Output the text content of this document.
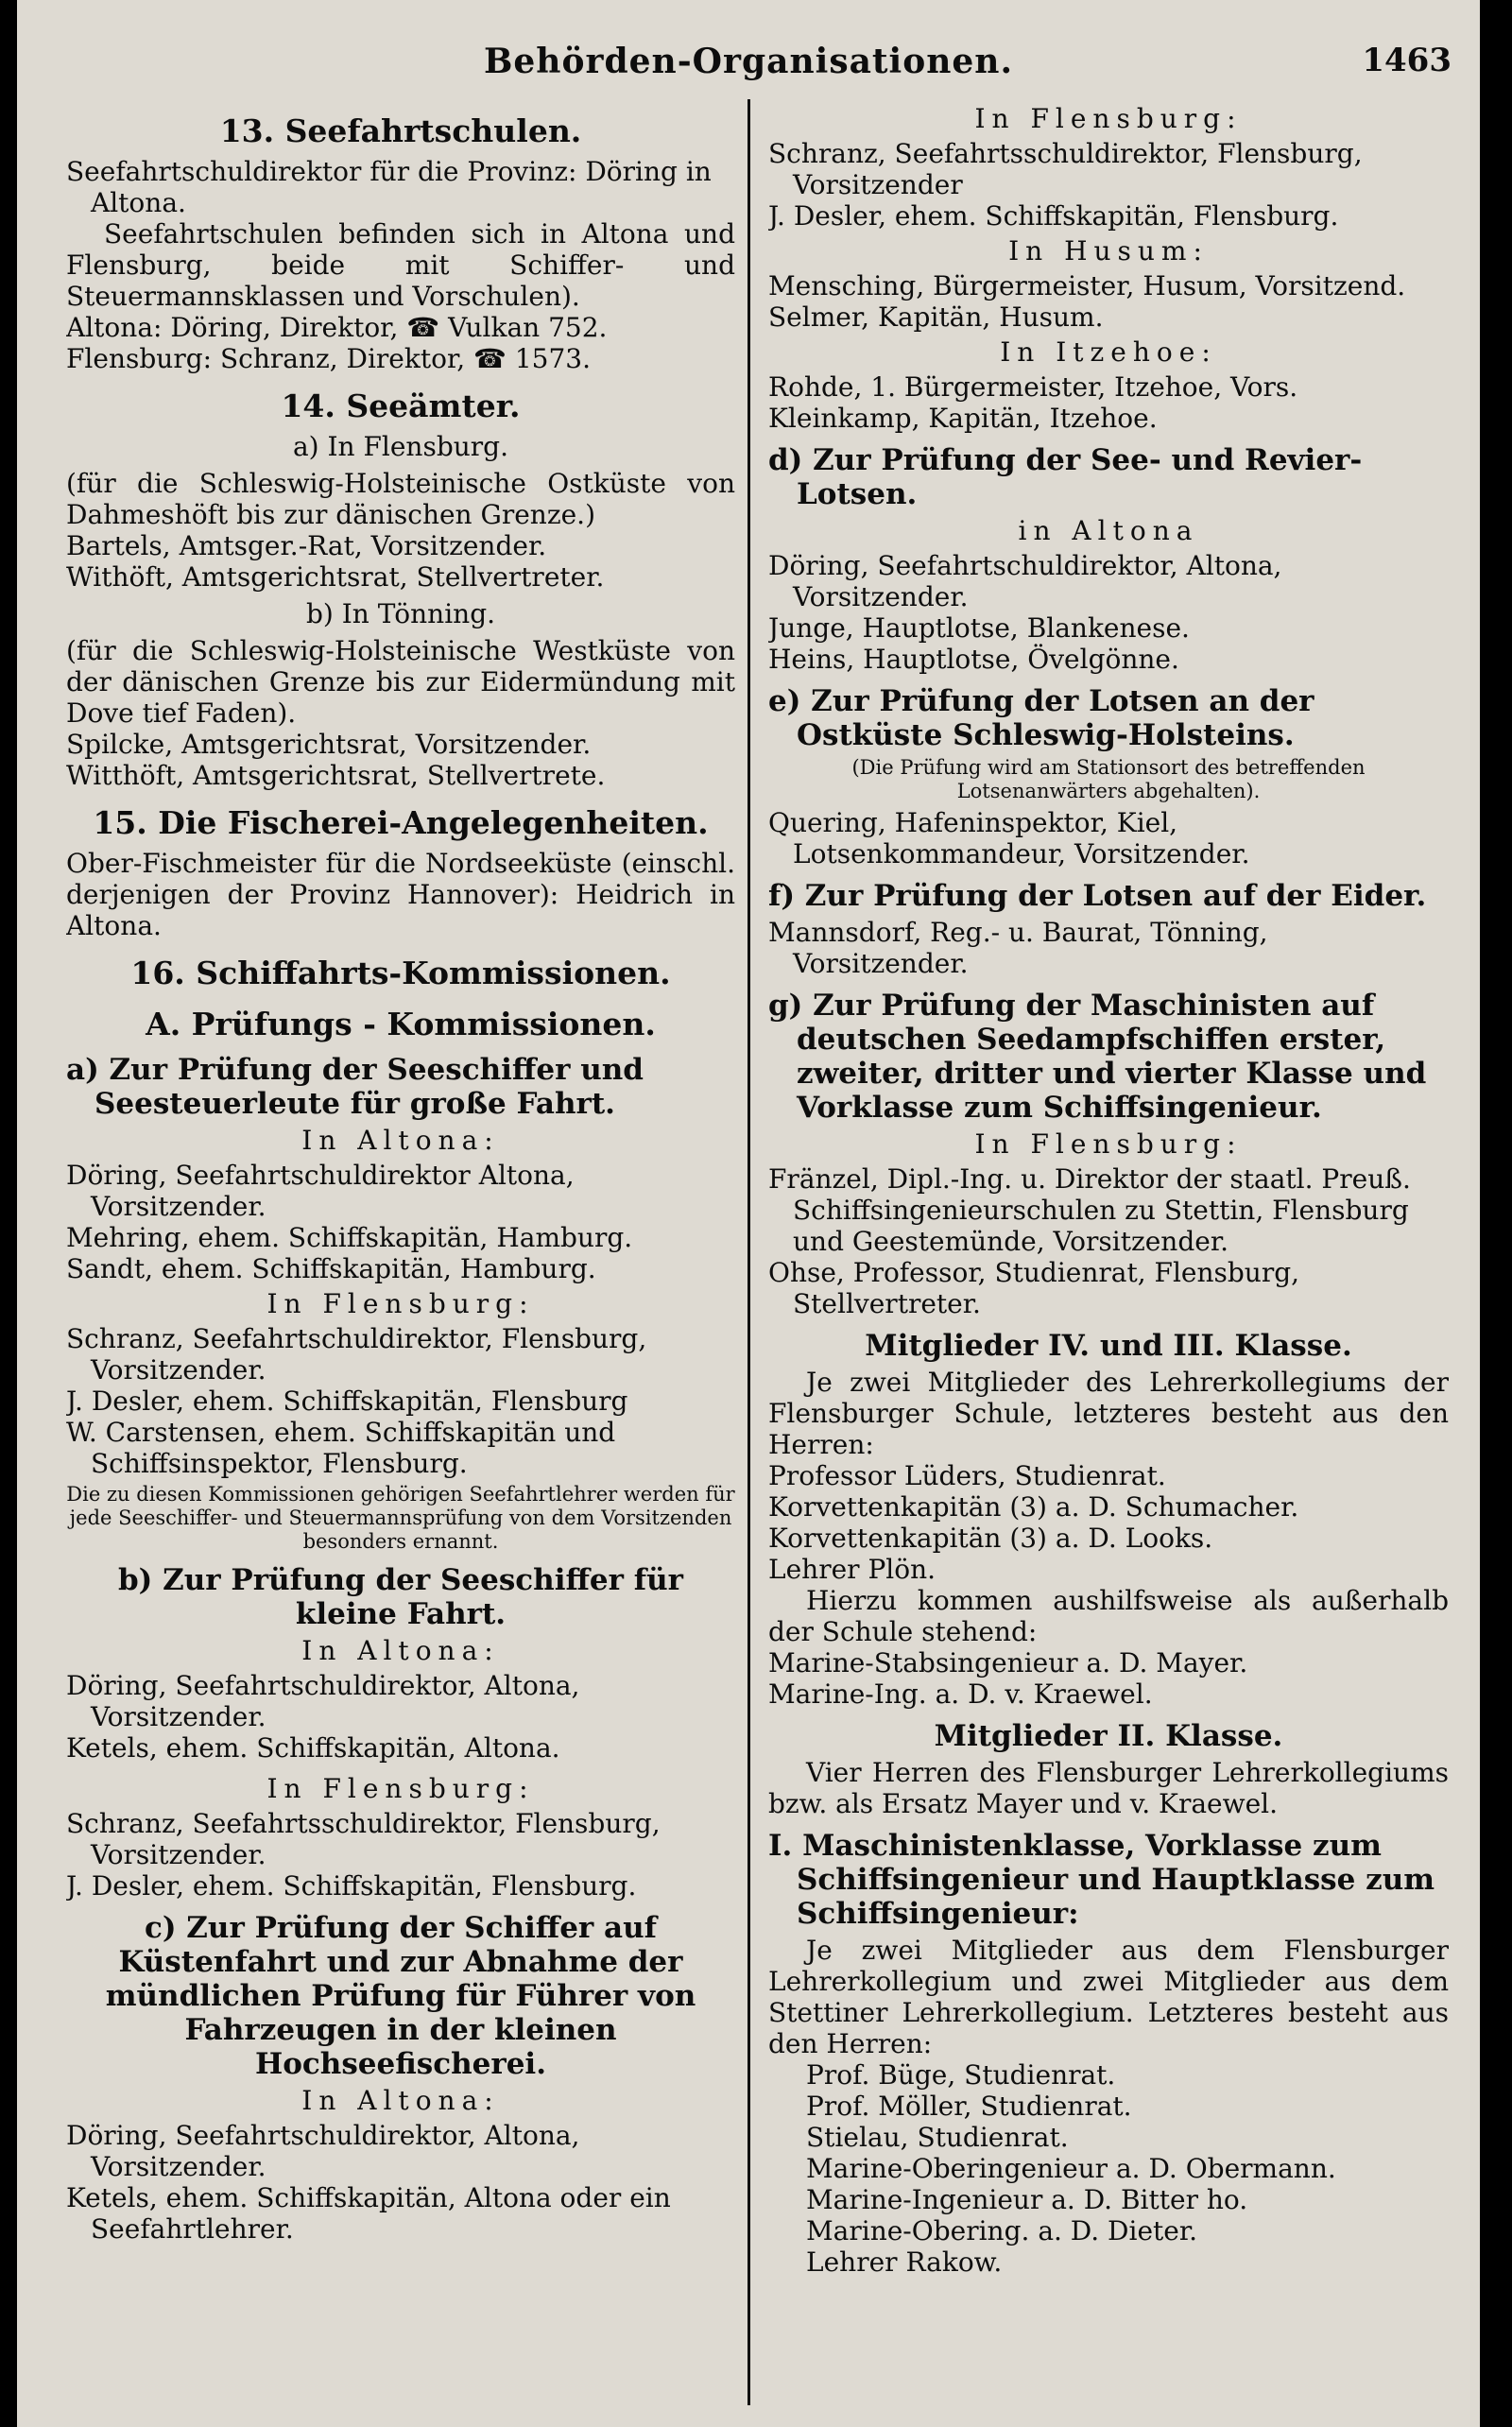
Behörden-Organisationen.	1463
13. Seefahrtschulen.
Seefahrtschuldirektor für die Provinz: Döring in Altona.
Seefahrtschulen befinden sich in Altona und Flensburg, beide mit Schiffer- und Steuermannsklassen und Vorschulen).
Altona: Döring, Direktor, ☎ Vulkan 752.
Flensburg: Schranz, Direktor, ☎ 1573.
14. Seeämter.
a) In Flensburg.
(für die Schleswig-Holsteinische Ostküste von Dahmeshöft bis zur dänischen Grenze.)
Bartels, Amtsger.-Rat, Vorsitzender.
Withöft, Amtsgerichtsrat, Stellvertreter.
b) In Tönning.
(für die Schleswig-Holsteinische Westküste von der dänischen Grenze bis zur Eidermündung mit Dove tief Faden).
Spilcke, Amtsgerichtsrat, Vorsitzender.
Witthöft, Amtsgerichtsrat, Stellvertrete.
15. Die Fischerei-Angelegenheiten.
Ober-Fischmeister für die Nordseeküste (einschl. derjenigen der Provinz Hannover): Heidrich in Altona.
16. Schiffahrts-Kommissionen.
A. Prüfungs - Kommissionen.
a) Zur Prüfung der Seeschiffer und Seesteuerleute für große Fahrt.
In Altona:
Döring, Seefahrtschuldirektor Altona, Vorsitzender.
Mehring, ehem. Schiffskapitän, Hamburg.
Sandt, ehem. Schiffskapitän, Hamburg.
In Flensburg:
Schranz, Seefahrtschuldirektor, Flensburg, Vorsitzender.
J. Desler, ehem. Schiffskapitän, Flensburg
W. Carstensen, ehem. Schiffskapitän und Schiffsinspektor, Flensburg.
Die zu diesen Kommissionen gehörigen Seefahrtlehrer werden für jede Seeschiffer- und Steuermannsprüfung von dem Vorsitzenden besonders ernannt.
b) Zur Prüfung der Seeschiffer für kleine Fahrt.
In Altona:
Döring, Seefahrtschuldirektor, Altona, Vorsitzender.
Ketels, ehem. Schiffskapitän, Altona.
In Flensburg:
Schranz, Seefahrtsschuldirektor, Flensburg, Vorsitzender.
J. Desler, ehem. Schiffskapitän, Flensburg.
c) Zur Prüfung der Schiffer auf Küstenfahrt und zur Abnahme der mündlichen Prüfung für Führer von Fahrzeugen in der kleinen Hochseefischerei.
In Altona:
Döring, Seefahrtschuldirektor, Altona, Vorsitzender.
Ketels, ehem. Schiffskapitän, Altona oder ein Seefahrtlehrer.
In Flensburg:
Schranz, Seefahrtsschuldirektor, Flensburg, Vorsitzender
J. Desler, ehem. Schiffskapitän, Flensburg.
In Husum:
Mensching, Bürgermeister, Husum, Vorsitzend.
Selmer, Kapitän, Husum.
In Itzehoe:
Rohde, 1. Bürgermeister, Itzehoe, Vors.
Kleinkamp, Kapitän, Itzehoe.
d) Zur Prüfung der See- und Revier-Lotsen.
in Altona
Döring, Seefahrtschuldirektor, Altona, Vorsitzender.
Junge, Hauptlotse, Blankenese.
Heins, Hauptlotse, Övelgönne.
e) Zur Prüfung der Lotsen an der Ostküste Schleswig-Holsteins.
(Die Prüfung wird am Stationsort des betreffenden Lotsenanwärters abgehalten).
Quering, Hafeninspektor, Kiel, Lotsenkommandeur, Vorsitzender.
f) Zur Prüfung der Lotsen auf der Eider.
Mannsdorf, Reg.- u. Baurat, Tönning, Vorsitzender.
g) Zur Prüfung der Maschinisten auf deutschen Seedampfschiffen erster, zweiter, dritter und vierter Klasse und Vorklasse zum Schiffsingenieur.
In Flensburg:
Fränzel, Dipl.-Ing. u. Direktor der staatl. Preuß. Schiffsingenieurschulen zu Stettin, Flensburg und Geestemünde, Vorsitzender.
Ohse, Professor, Studienrat, Flensburg, Stellvertreter.
Mitglieder IV. und III. Klasse.
Je zwei Mitglieder des Lehrerkollegiums der Flensburger Schule, letzteres besteht aus den Herren:
Professor Lüders, Studienrat.
Korvettenkapitän (3) a. D. Schumacher.
Korvettenkapitän (3) a. D. Looks.
Lehrer Plön.
Hierzu kommen aushilfsweise als außerhalb der Schule stehend:
Marine-Stabsingenieur a. D. Mayer.
Marine-Ing. a. D. v. Kraewel.
Mitglieder II. Klasse.
Vier Herren des Flensburger Lehrerkollegiums bzw. als Ersatz Mayer und v. Kraewel.
I. Maschinistenklasse, Vorklasse zum Schiffsingenieur und Hauptklasse zum Schiffsingenieur:
Je zwei Mitglieder aus dem Flensburger Lehrerkollegium und zwei Mitglieder aus dem Stettiner Lehrerkollegium. Letzteres besteht aus den Herren:
Prof. Büge, Studienrat.
Prof. Möller, Studienrat.
Stielau, Studienrat.
Marine-Oberingenieur a. D. Obermann.
Marine-Ingenieur a. D. Bitter ho.
Marine-Obering. a. D. Dieter.
Lehrer Rakow.
